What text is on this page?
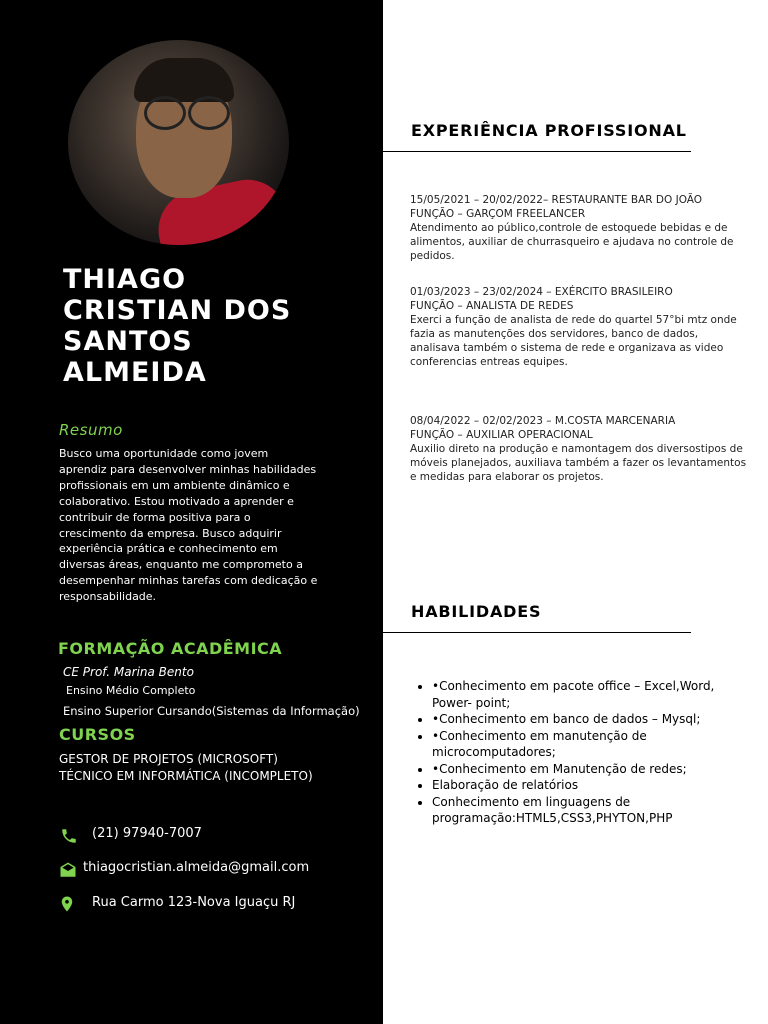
THIAGO
CRISTIAN DOS
SANTOS
ALMEIDA
Resumo

Busco uma oportunidade como jovem aprendiz para desenvolver minhas habilidades profissionais em um ambiente dinâmico e colaborativo. Estou motivado a aprender e contribuir de forma positiva para o crescimento da empresa. Busco adquirir experiência prática e conhecimento em diversas áreas, enquanto me comprometo a desempenhar minhas tarefas com dedicação e responsabilidade.

FORMAÇÃO ACADÊMICA
CE Prof. Marina Bento
Ensino Médio Completo
Ensino Superior Cursando(Sistemas da Informação)
CURSOS
GESTOR DE PROJETOS (MICROSOFT)
TÉCNICO EM INFORMÁTICA (INCOMPLETO)
(21) 97940-7007
thiagocristian.almeida@gmail.com
Rua Carmo 123-Nova Iguaçu RJ
EXPERIÊNCIA PROFISSIONAL
15/05/2021 – 20/02/2022– RESTAURANTE BAR DO JOÃO
FUNÇÃO – GARÇOM FREELANCER
Atendimento ao público,controle de estoquede bebidas e de alimentos, auxiliar de churrasqueiro e ajudava no controle de pedidos.
01/03/2023 – 23/02/2024 – EXÉRCITO BRASILEIRO
FUNÇÃO – ANALISTA DE REDES
Exerci a função de analista de rede do quartel 57°bi mtz onde fazia as manutenções dos servidores, banco de dados, analisava também o sistema de rede e organizava as video conferencias entreas equipes.
08/04/2022 – 02/02/2023 – M.COSTA MARCENARIA
FUNÇÃO – AUXILIAR OPERACIONAL
Auxilio direto na produção e namontagem dos diversostipos de móveis planejados, auxiliava também a fazer os levantamentos e medidas para elaborar os projetos.
HABILIDADES
• •Conhecimento em pacote office – Excel,Word, Power- point;
• •Conhecimento em banco de dados – Mysql;
• •Conhecimento em manutenção de microcomputadores;
• •Conhecimento em Manutenção de redes;
• Elaboração de relatórios
• Conhecimento em linguagens de programação:HTML5,CSS3,PHYTON,PHP
